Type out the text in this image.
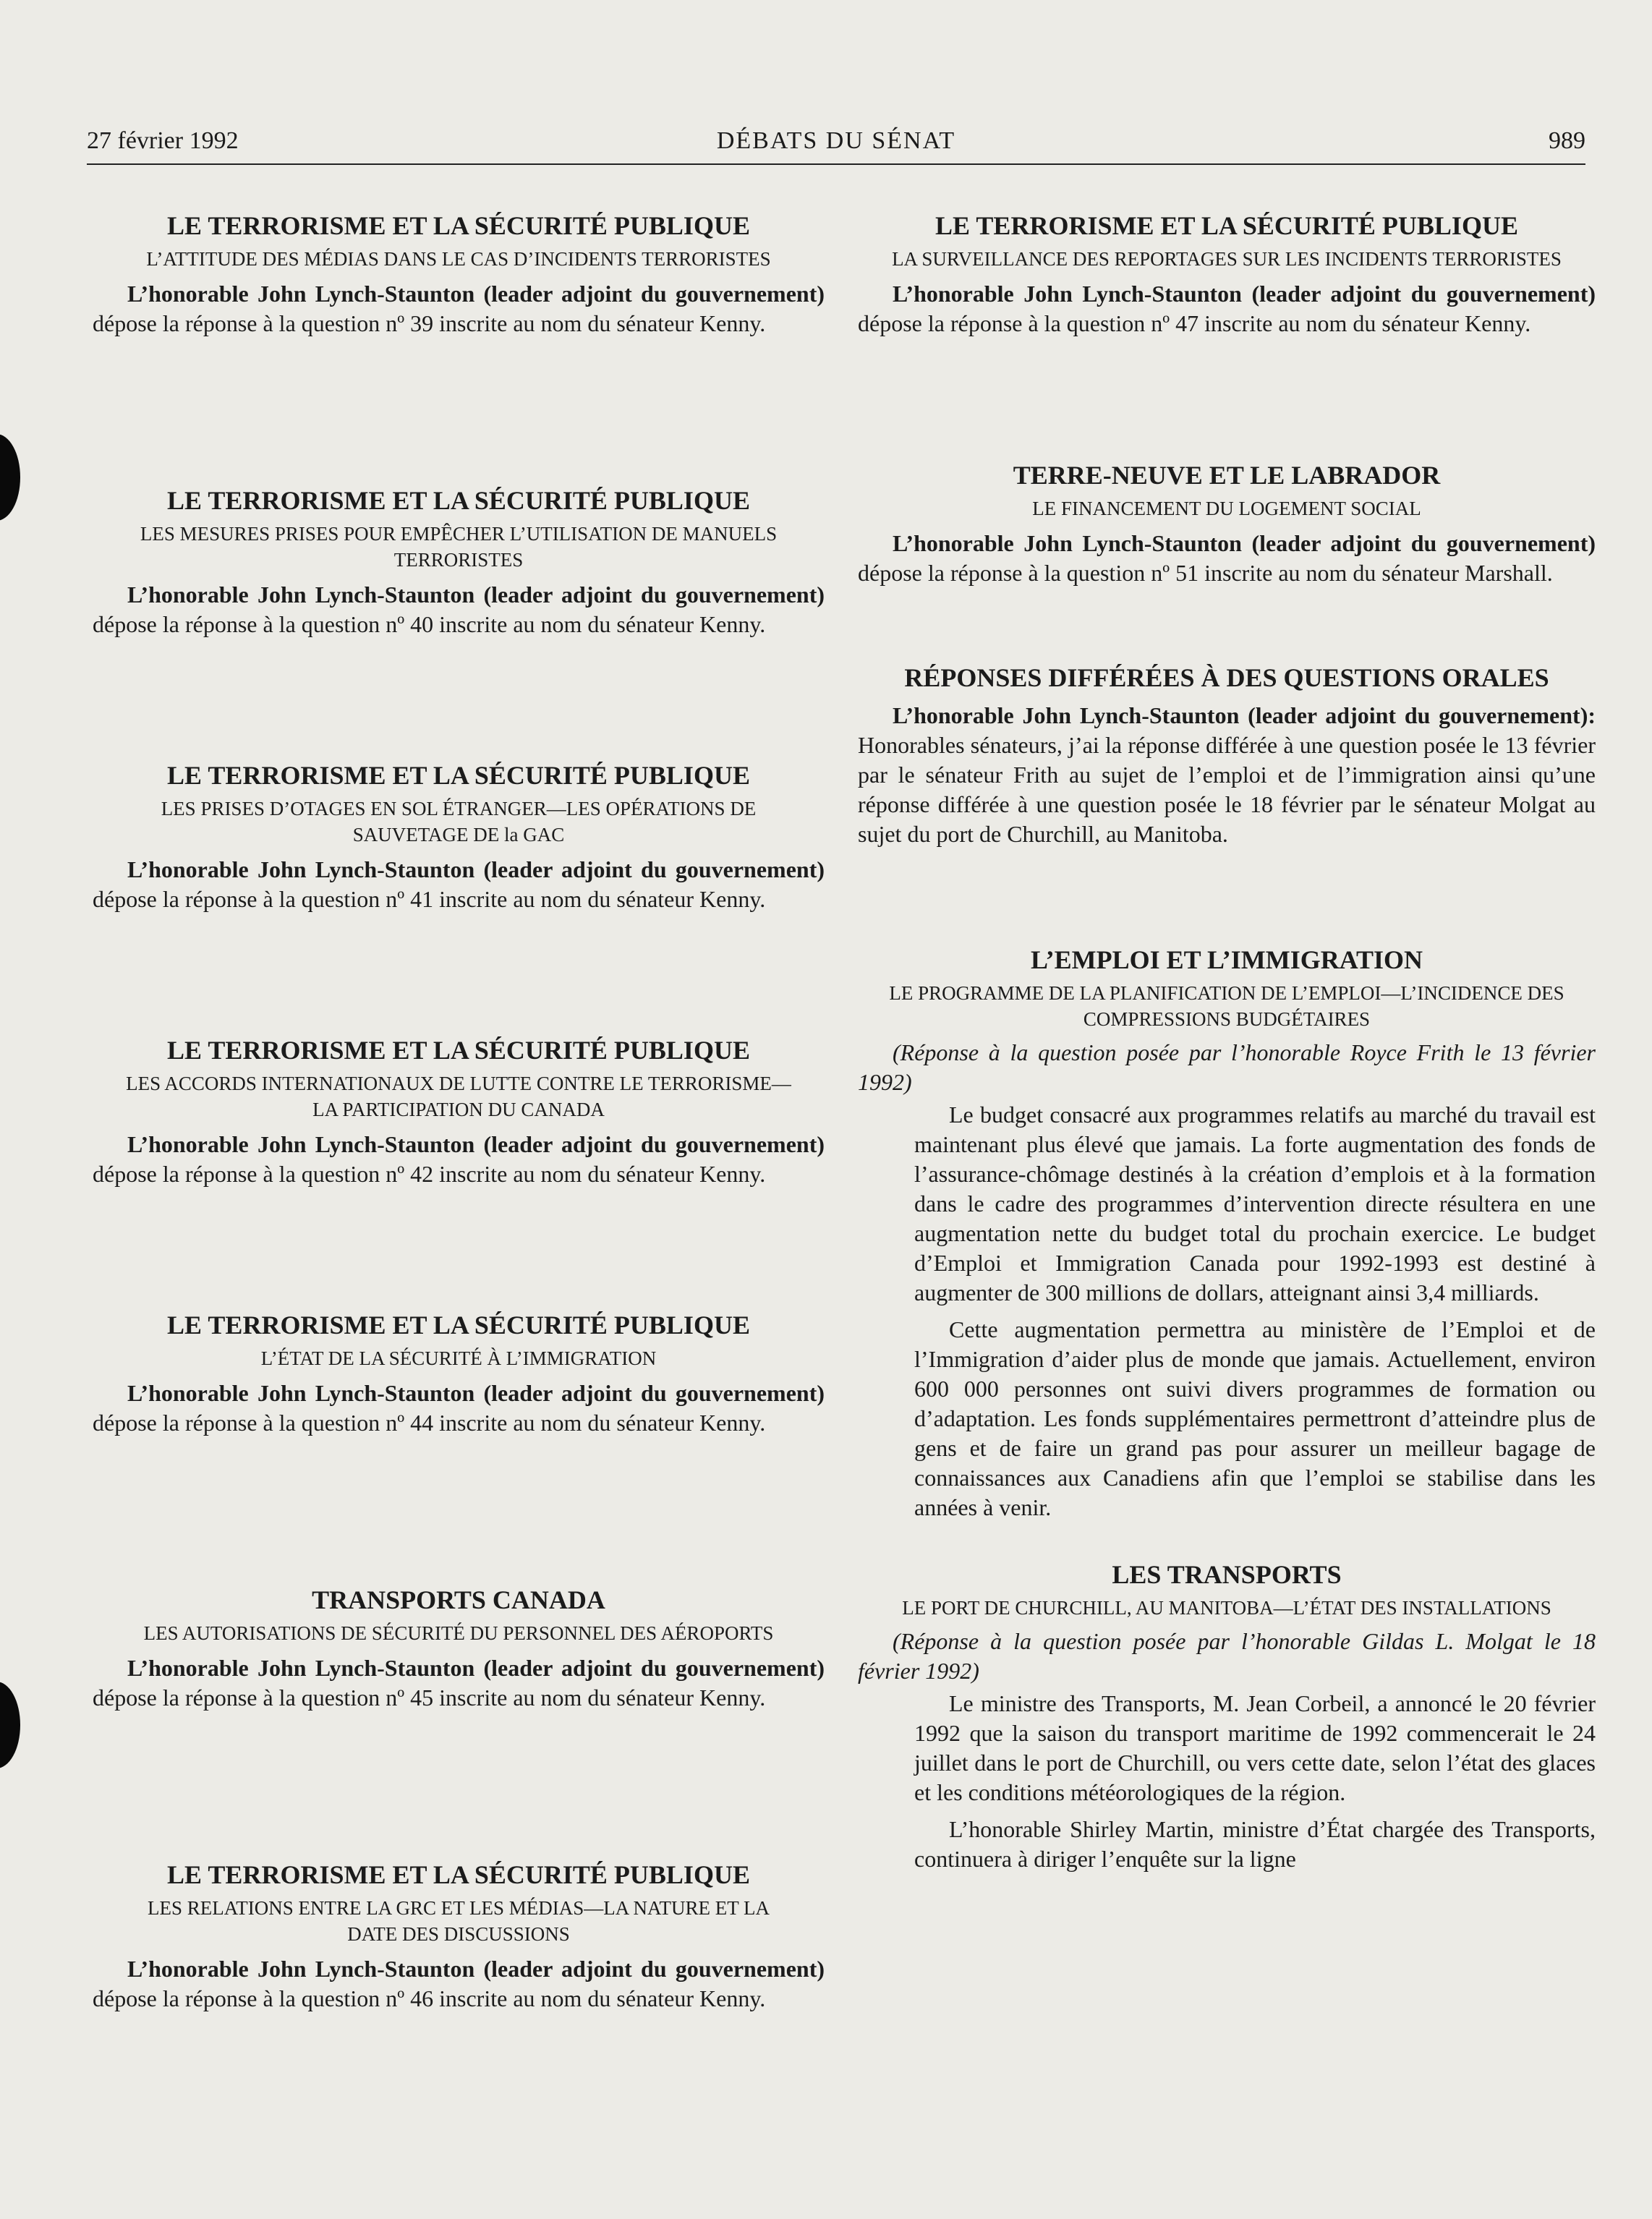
27 février 1992	DÉBATS DU SÉNAT	989

LE TERRORISME ET LA SÉCURITÉ PUBLIQUE

L’ATTITUDE DES MÉDIAS DANS LE CAS D’INCIDENTS TERRORISTES
L’honorable John Lynch-Staunton (leader adjoint du gouvernement) dépose la réponse à la question nº 39 inscrite au nom du sénateur Kenny.

LE TERRORISME ET LA SÉCURITÉ PUBLIQUE

LES MESURES PRISES POUR EMPÊCHER L’UTILISATION DE MANUELS TERRORISTES
L’honorable John Lynch-Staunton (leader adjoint du gouvernement) dépose la réponse à la question nº 40 inscrite au nom du sénateur Kenny.

LE TERRORISME ET LA SÉCURITÉ PUBLIQUE

LES PRISES D’OTAGES EN SOL ÉTRANGER—LES OPÉRATIONS DE SAUVETAGE DE la GAC
L’honorable John Lynch-Staunton (leader adjoint du gouvernement) dépose la réponse à la question nº 41 inscrite au nom du sénateur Kenny.

LE TERRORISME ET LA SÉCURITÉ PUBLIQUE

LES ACCORDS INTERNATIONAUX DE LUTTE CONTRE LE TERRORISME—LA PARTICIPATION DU CANADA
L’honorable John Lynch-Staunton (leader adjoint du gouvernement) dépose la réponse à la question nº 42 inscrite au nom du sénateur Kenny.

LE TERRORISME ET LA SÉCURITÉ PUBLIQUE

L’ÉTAT DE LA SÉCURITÉ À L’IMMIGRATION
L’honorable John Lynch-Staunton (leader adjoint du gouvernement) dépose la réponse à la question nº 44 inscrite au nom du sénateur Kenny.

TRANSPORTS CANADA

LES AUTORISATIONS DE SÉCURITÉ DU PERSONNEL DES AÉROPORTS
L’honorable John Lynch-Staunton (leader adjoint du gouvernement) dépose la réponse à la question nº 45 inscrite au nom du sénateur Kenny.

LE TERRORISME ET LA SÉCURITÉ PUBLIQUE

LES RELATIONS ENTRE LA GRC ET LES MÉDIAS—LA NATURE ET LA DATE DES DISCUSSIONS
L’honorable John Lynch-Staunton (leader adjoint du gouvernement) dépose la réponse à la question nº 46 inscrite au nom du sénateur Kenny.

LE TERRORISME ET LA SÉCURITÉ PUBLIQUE

LA SURVEILLANCE DES REPORTAGES SUR LES INCIDENTS TERRORISTES
L’honorable John Lynch-Staunton (leader adjoint du gouvernement) dépose la réponse à la question nº 47 inscrite au nom du sénateur Kenny.

TERRE-NEUVE ET LE LABRADOR

LE FINANCEMENT DU LOGEMENT SOCIAL
L’honorable John Lynch-Staunton (leader adjoint du gouvernement) dépose la réponse à la question nº 51 inscrite au nom du sénateur Marshall.

RÉPONSES DIFFÉRÉES À DES QUESTIONS ORALES

L’honorable John Lynch-Staunton (leader adjoint du gouvernement): Honorables sénateurs, j’ai la réponse différée à une question posée le 13 février par le sénateur Frith au sujet de l’emploi et de l’immigration ainsi qu’une réponse différée à une question posée le 18 février par le sénateur Molgat au sujet du port de Churchill, au Manitoba.

L’EMPLOI ET L’IMMIGRATION

LE PROGRAMME DE LA PLANIFICATION DE L’EMPLOI—L’INCIDENCE DES COMPRESSIONS BUDGÉTAIRES
(Réponse à la question posée par l’honorable Royce Frith le 13 février 1992)
Le budget consacré aux programmes relatifs au marché du travail est maintenant plus élevé que jamais. La forte augmentation des fonds de l’assurance-chômage destinés à la création d’emplois et à la formation dans le cadre des programmes d’intervention directe résultera en une augmentation nette du budget total du prochain exercice. Le budget d’Emploi et Immigration Canada pour 1992-1993 est destiné à augmenter de 300 millions de dollars, atteignant ainsi 3,4 milliards.
Cette augmentation permettra au ministère de l’Emploi et de l’Immigration d’aider plus de monde que jamais. Actuellement, environ 600 000 personnes ont suivi divers programmes de formation ou d’adaptation. Les fonds supplémentaires permettront d’atteindre plus de gens et de faire un grand pas pour assurer un meilleur bagage de connaissances aux Canadiens afin que l’emploi se stabilise dans les années à venir.

LES TRANSPORTS

LE PORT DE CHURCHILL, AU MANITOBA—L’ÉTAT DES INSTALLATIONS
(Réponse à la question posée par l’honorable Gildas L. Molgat le 18 février 1992)
Le ministre des Transports, M. Jean Corbeil, a annoncé le 20 février 1992 que la saison du transport maritime de 1992 commencerait le 24 juillet dans le port de Churchill, ou vers cette date, selon l’état des glaces et les conditions météorologiques de la région.
L’honorable Shirley Martin, ministre d’État chargée des Transports, continuera à diriger l’enquête sur la ligne
